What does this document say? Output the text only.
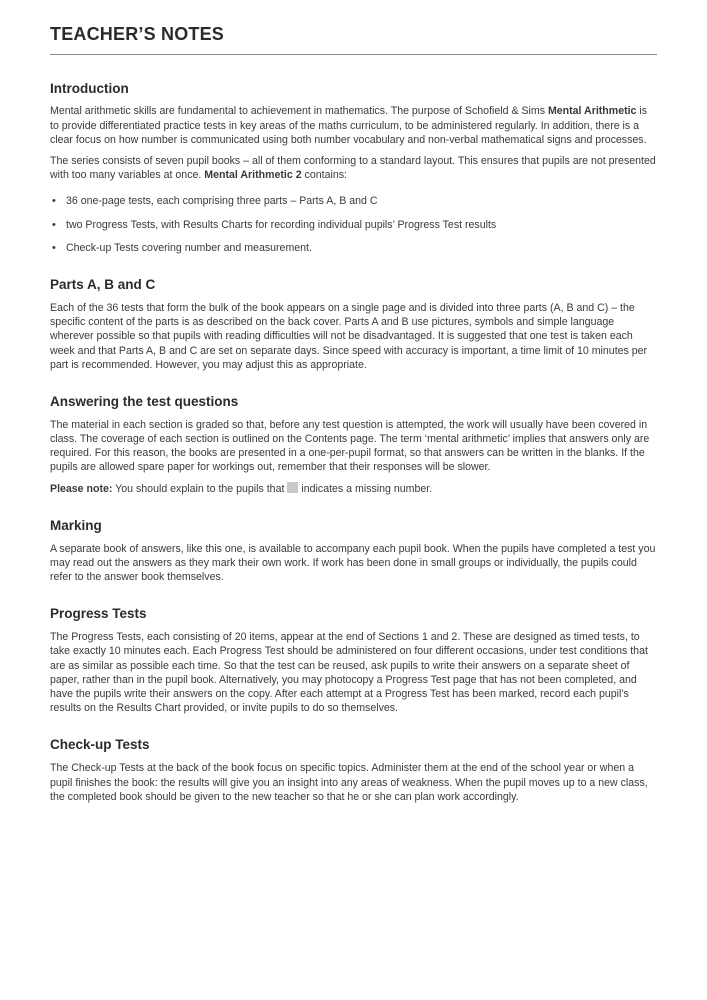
TEACHER’S NOTES
Introduction

Mental arithmetic skills are fundamental to achievement in mathematics. The purpose of Schofield & Sims Mental Arithmetic is to provide differentiated practice tests in key areas of the maths curriculum, to be administered regularly. In addition, there is a clear focus on how number is communicated using both number vocabulary and non-verbal mathematical signs and processes.

The series consists of seven pupil books – all of them conforming to a standard layout. This ensures that pupils are not presented with too many variables at once. Mental Arithmetic 2 contains:

• 36 one-page tests, each comprising three parts – Parts A, B and C
• two Progress Tests, with Results Charts for recording individual pupils’ Progress Test results
• Check-up Tests covering number and measurement.
Parts A, B and C

Each of the 36 tests that form the bulk of the book appears on a single page and is divided into three parts (A, B and C) – the specific content of the parts is as described on the back cover. Parts A and B use pictures, symbols and simple language wherever possible so that pupils with reading difficulties will not be disadvantaged. It is suggested that one test is taken each week and that Parts A, B and C are set on separate days. Since speed with accuracy is important, a time limit of 10 minutes per part is recommended. However, you may adjust this as appropriate.

Answering the test questions

The material in each section is graded so that, before any test question is attempted, the work will usually have been covered in class. The coverage of each section is outlined on the Contents page. The term ‘mental arithmetic’ implies that answers only are required. For this reason, the books are presented in a one-per-pupil format, so that answers can be written in the blanks. If the pupils are allowed spare paper for workings out, remember that their responses will be slower.

Please note: You should explain to the pupils that indicates a missing number.

Marking

A separate book of answers, like this one, is available to accompany each pupil book. When the pupils have completed a test you may read out the answers as they mark their own work. If work has been done in small groups or individually, the pupils could refer to the answer book themselves.

Progress Tests

The Progress Tests, each consisting of 20 items, appear at the end of Sections 1 and 2. These are designed as timed tests, to take exactly 10 minutes each. Each Progress Test should be administered on four different occasions, under test conditions that are as similar as possible each time. So that the test can be reused, ask pupils to write their answers on a separate sheet of paper, rather than in the pupil book. Alternatively, you may photocopy a Progress Test page that has not been completed, and have the pupils write their answers on the copy. After each attempt at a Progress Test has been marked, record each pupil’s results on the Results Chart provided, or invite pupils to do so themselves.

Check-up Tests

The Check-up Tests at the back of the book focus on specific topics. Administer them at the end of the school year or when a pupil finishes the book: the results will give you an insight into any areas of weakness. When the pupil moves up to a new class, the completed book should be given to the new teacher so that he or she can plan work accordingly.
